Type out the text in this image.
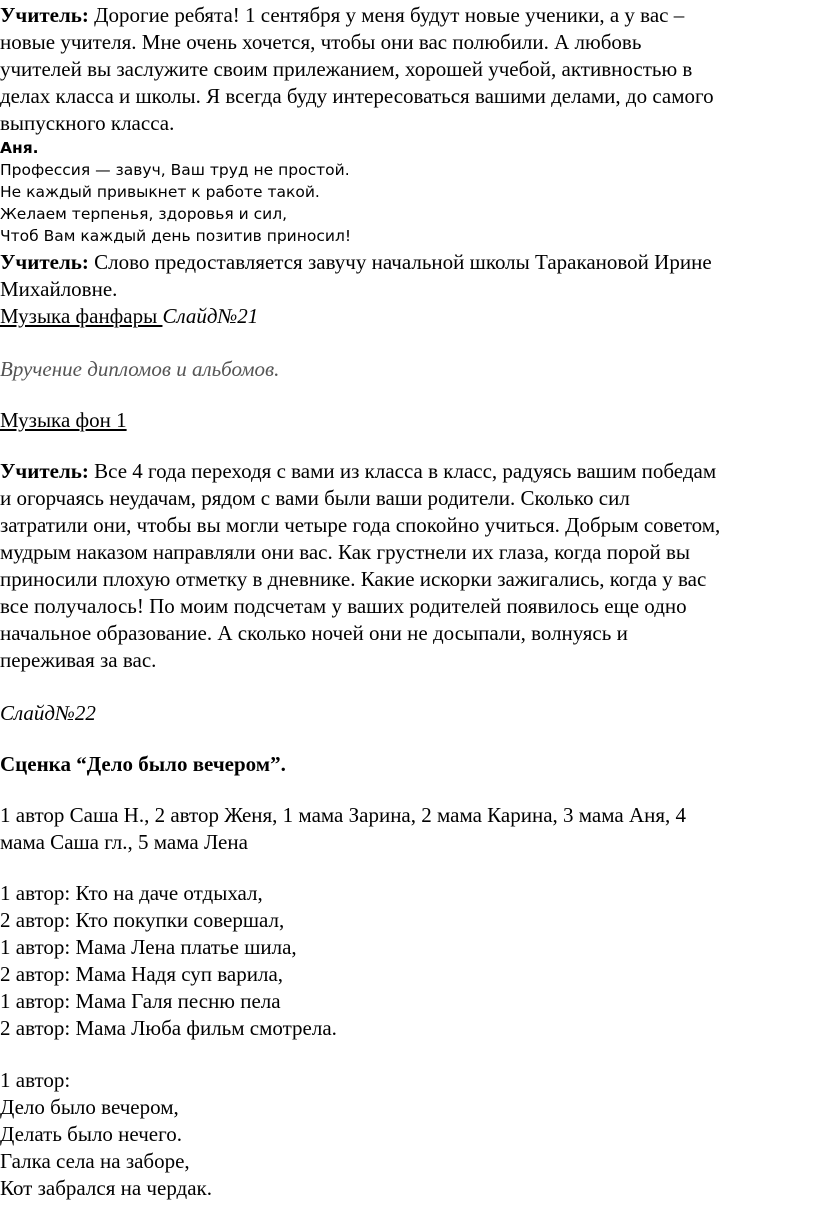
Учитель: Дорогие ребята! 1 сентября у меня будут новые ученики, а у вас –
новые учителя. Мне очень хочется, чтобы они вас полюбили. А любовь
учителей вы заслужите своим прилежанием, хорошей учебой, активностью в
делах класса и школы. Я всегда буду интересоваться вашими делами, до самого
выпускного класса.
Аня.
Профессия — завуч, Ваш труд не простой.
Не каждый привыкнет к работе такой.
Желаем терпенья, здоровья и сил,
Чтоб Вам каждый день позитив приносил!
Учитель: Слово предоставляется завучу начальной школы Таракановой Ирине
Михайловне.
Музыка фанфары Слайд№21
Вручение дипломов и альбомов.
Музыка фон 1
Учитель: Все 4 года переходя с вами из класса в класс, радуясь вашим победам
и огорчаясь неудачам, рядом с вами были ваши родители. Сколько сил
затратили они, чтобы вы могли четыре года спокойно учиться. Добрым советом,
мудрым наказом направляли они вас. Как грустнели их глаза, когда порой вы
приносили плохую отметку в дневнике. Какие искорки зажигались, когда у вас
все получалось! По моим подсчетам у ваших родителей появилось еще одно
начальное образование. А сколько ночей они не досыпали, волнуясь и
переживая за вас.
Слайд№22
Сценка “Дело было вечером”.
1 автор Саша Н., 2 автор Женя, 1 мама Зарина, 2 мама Карина, 3 мама Аня, 4
мама Саша гл., 5 мама Лена
1 автор: Кто на даче отдыхал,
2 автор: Кто покупки совершал,
1 автор: Мама Лена платье шила,
2 автор: Мама Надя суп варила,
1 автор: Мама Галя песню пела
2 автор: Мама Люба фильм смотрела.
1 автор:
Дело было вечером,
Делать было нечего.
Галка села на заборе,
Кот забрался на чердак.
